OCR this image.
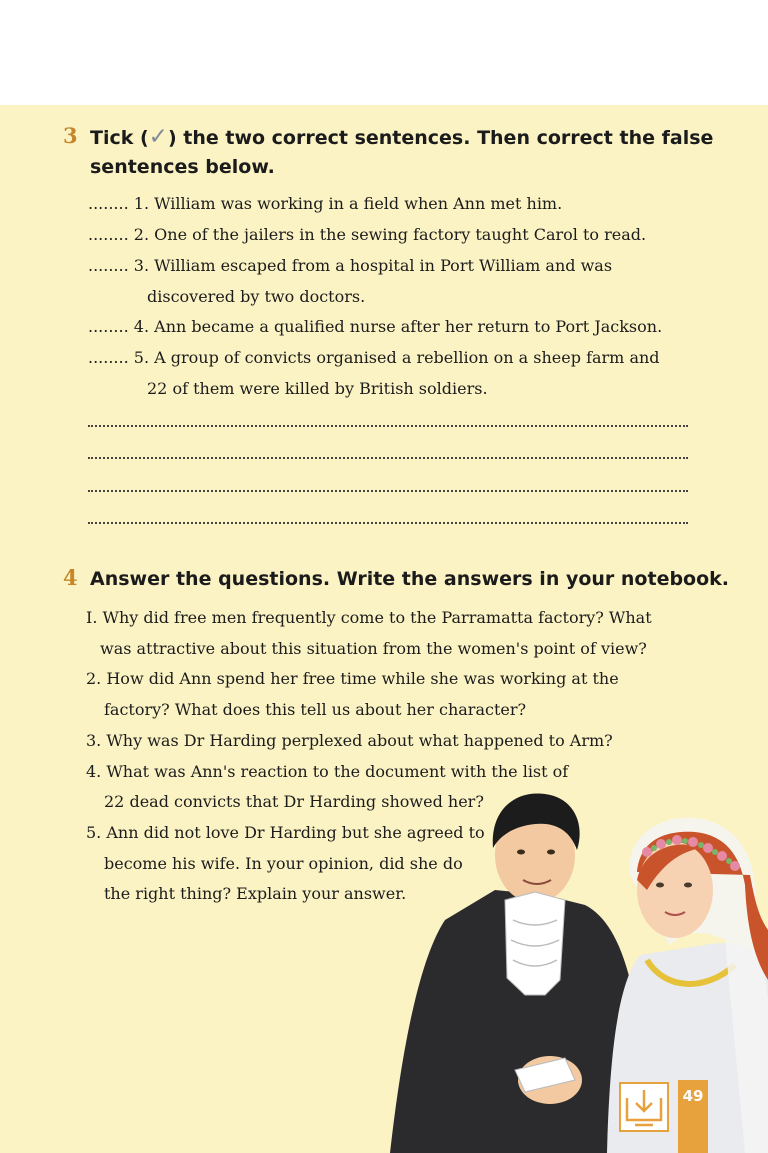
3 Tick (✓) the two correct sentences. Then correct the false
sentences below.
........ 1. William was working in a field when Ann met him.
........ 2. One of the jailers in the sewing factory taught Carol to read.
........ 3. William escaped from a hospital in Port William and was
discovered by two doctors.
........ 4. Ann became a qualified nurse after her return to Port Jackson.
........ 5. A group of convicts organised a rebellion on a sheep farm and
22 of them were killed by British soldiers.
4 Answer the questions. Write the answers in your notebook.
I. Why did free men frequently come to the Parramatta factory? What
was attractive about this situation from the women's point of view?
2. How did Ann spend her free time while she was working at the
factory? What does this tell us about her character?
3. Why was Dr Harding perplexed about what happened to Arm?
4. What was Ann's reaction to the document with the list of
22 dead convicts that Dr Harding showed her?
5. Ann did not love Dr Harding but she agreed to
become his wife. In your opinion, did she do
the right thing? Explain your answer.
49
